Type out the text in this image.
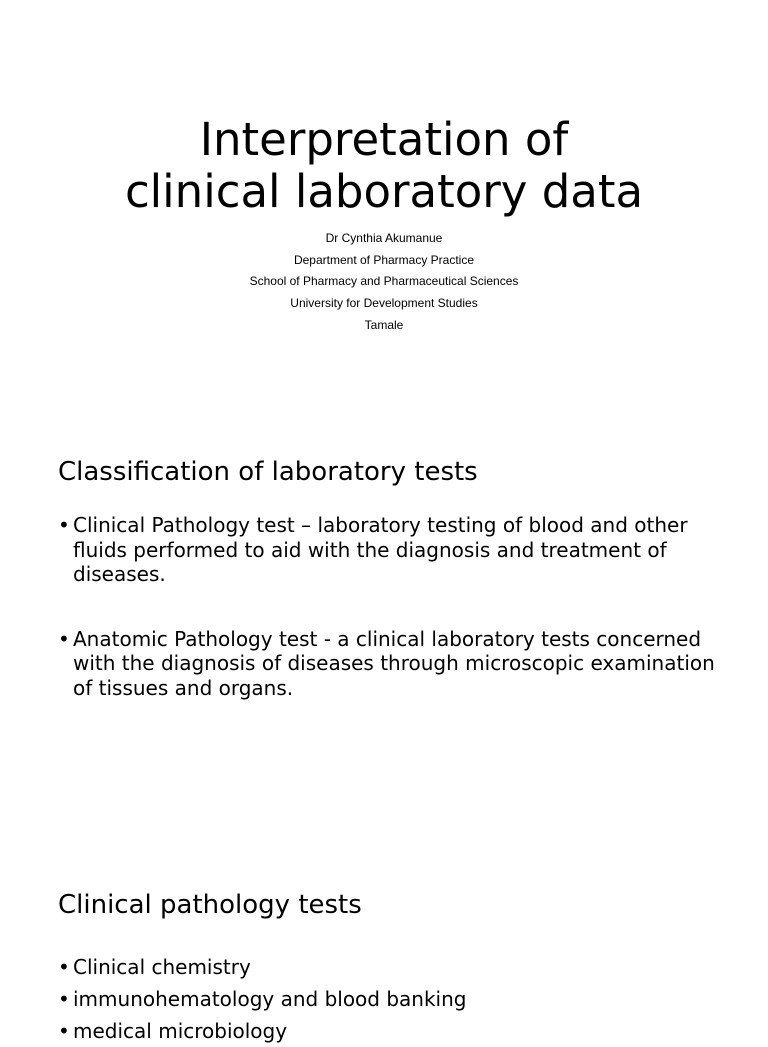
Interpretation of
clinical laboratory data
Dr Cynthia Akumanue
Department of Pharmacy Practice
School of Pharmacy and Pharmaceutical Sciences
University for Development Studies
Tamale
Classification of laboratory tests
• Clinical Pathology test – laboratory testing of blood and other fluids performed to aid with the diagnosis and treatment of diseases.
• Anatomic Pathology test - a clinical laboratory tests concerned with the diagnosis of diseases through microscopic examination of tissues and organs.
Clinical pathology tests
• Clinical chemistry
• immunohematology and blood banking
• medical microbiology
